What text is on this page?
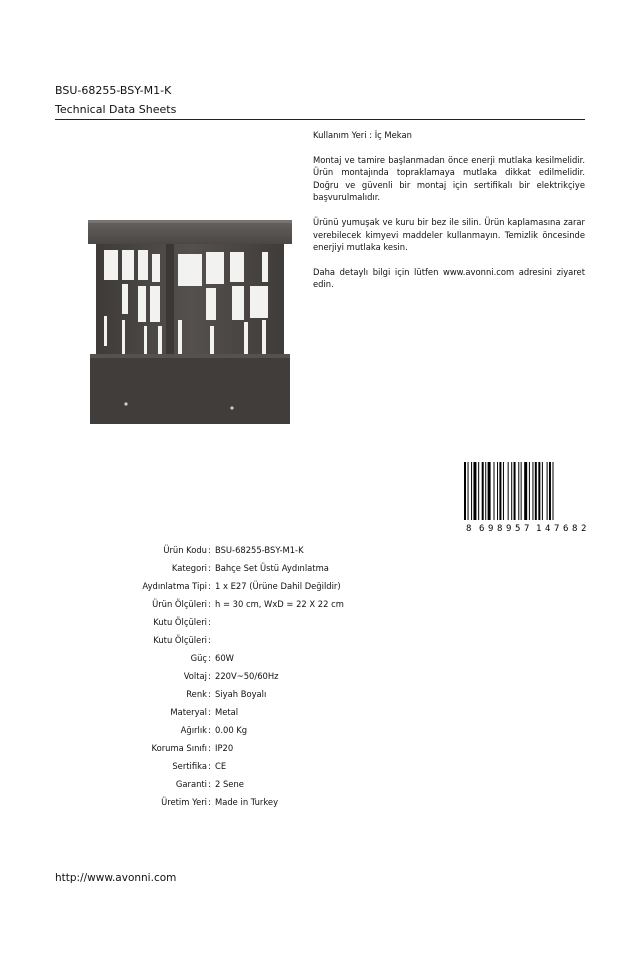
BSU-68255-BSY-M1-K
Technical Data Sheets

Kullanım Yeri : İç Mekan

Montaj ve tamire başlanmadan önce enerji mutlaka kesilmelidir. Ürün montajında topraklamaya mutlaka dikkat edilmelidir. Doğru ve güvenli bir montaj için sertifikalı bir elektrikçiye başvurulmalıdır.

Ürünü yumuşak ve kuru bir bez ile silin. Ürün kaplamasına zarar verebilecek kimyevi maddeler kullanmayın. Temizlik öncesinde enerjiyi mutlaka kesin.

Daha detaylı bilgi için lütfen www.avonni.com adresini ziyaret edin.

8 6 9 8 9 5 7 1 4 7 6 8 2
Ürün Kodu : BSU-68255-BSY-M1-K
Kategori : Bahçe Set Üstü Aydınlatma
Aydınlatma Tipi : 1 x E27 (Ürüne Dahil Değildir)
Ürün Ölçüleri : h = 30 cm, WxD = 22 X 22 cm
Kutu Ölçüleri :
Kutu Ölçüleri :
Güç : 60W
Voltaj : 220V~50/60Hz
Renk : Siyah Boyalı
Materyal : Metal
Ağırlık : 0.00 Kg
Koruma Sınıfı : IP20
Sertifika : CE
Garanti : 2 Sene
Üretim Yeri : Made in Turkey
http://www.avonni.com
